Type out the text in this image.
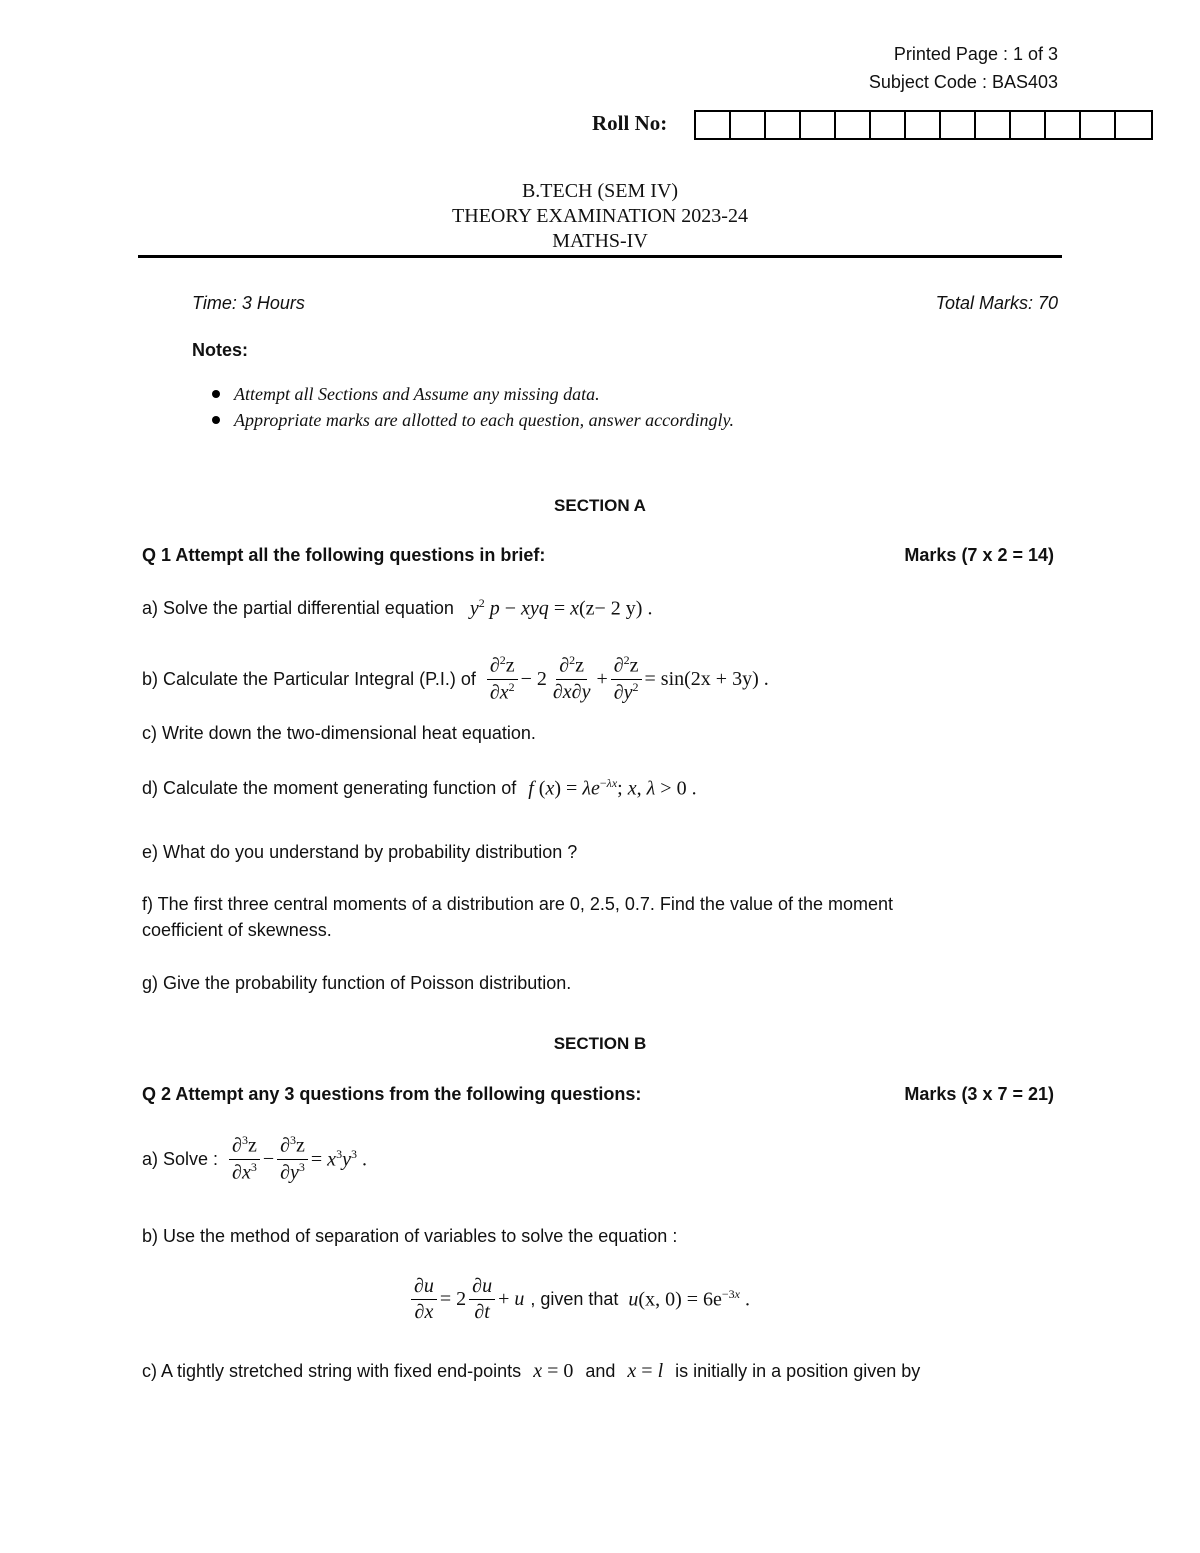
Printed Page : 1 of 3
Subject Code : BAS403
Roll No:
B.TECH (SEM IV)
THEORY EXAMINATION 2023-24
MATHS-IV
Time: 3 Hours	Total Marks: 70
Notes:
Attempt all Sections and Assume any missing data.
Appropriate marks are allotted to each question, answer accordingly.
SECTION A
Q 1 Attempt all the following questions in brief:	Marks (7 x 2 = 14)
a) Solve the partial differential equation $y^2$ p − xyq = x(z− 2 y) .
b) Calculate the Particular Integral (P.I.) of $\frac{\partial^2z}{\partial x^2} - 2 \frac{\partial^2z}{\partial x\partial y} + \frac{\partial^2z}{\partial y^2} = \sin(2x + 3y)$ .
c) Write down the two-dimensional heat equation.
d) Calculate the moment generating function of f $(x) = \lambda e^{-\lambda x}$; x, λ > 0 .
e) What do you understand by probability distribution ?
f) The first three central moments of a distribution are 0, 2.5, 0.7. Find the value of the moment
coefficient of skewness.
g) Give the probability function of Poisson distribution.
SECTION B
Q 2 Attempt any 3 questions from the following questions:	Marks (3 x 7 = 21)
a) Solve : $\frac{\partial^3z}{\partial x^3} - \frac{\partial^3z}{\partial y^3} = x^3y^3$ .
b) Use the method of separation of variables to solve the equation :
$\frac{\partial u}{\partial x} = 2 \frac{\partial u}{\partial t} + u$ , given that u(x, $0) = 6e^{-3x}$ .
c) A tightly stretched string with fixed end-points x = 0 and x = l is initially in a position given by
